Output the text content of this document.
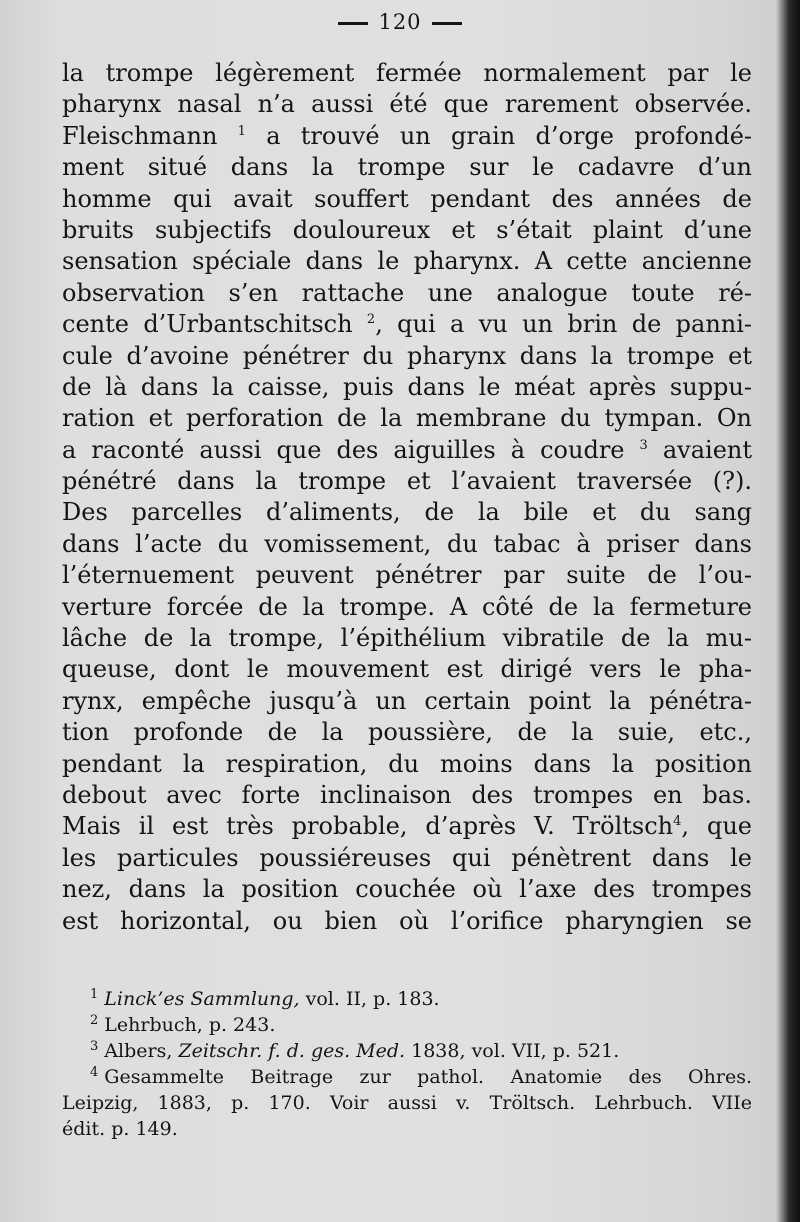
120
la trompe légèrement fermée normalement par le
pharynx nasal n’a aussi été que rarement observée.
Fleischmann $^1$ a trouvé un grain d’orge profondé-
ment situé dans la trompe sur le cadavre d’un
homme qui avait souffert pendant des années de
bruits subjectifs douloureux et s’était plaint d’une
sensation spéciale dans le pharynx. A cette ancienne
observation s’en rattache une analogue toute ré-
cente d’Urbantschitsch $^2$, qui a vu un brin de panni-
cule d’avoine pénétrer du pharynx dans la trompe et
de là dans la caisse, puis dans le méat après suppu-
ration et perforation de la membrane du tympan. On
a raconté aussi que des aiguilles à coudre $^3$ avaient
pénétré dans la trompe et l’avaient traversée (?).
Des parcelles d’aliments, de la bile et du sang
dans l’acte du vomissement, du tabac à priser dans
l’éternuement peuvent pénétrer par suite de l’ou-
verture forcée de la trompe. A côté de la fermeture
lâche de la trompe, l’épithélium vibratile de la mu-
queuse, dont le mouvement est dirigé vers le pha-
rynx, empêche jusqu’à un certain point la pénétra-
tion profonde de la poussière, de la suie, etc.,
pendant la respiration, du moins dans la position
debout avec forte inclinaison des trompes en bas.
Mais il est très probable, d’après V. Tröltsch$^4$, que
les particules poussiéreuses qui pénètrent dans le
nez, dans la position couchée où l’axe des trompes
est horizontal, ou bien où l’orifice pharyngien se
$^1$ Linck’es Sammlung, vol. II, p. 183.
$^2$ Lehrbuch, p. 243.
$^3$ Albers, Zeitschr. f. d. ges. Med. 1838, vol. VII, p. 521.
$^4$ Gesammelte Beitrage zur pathol. Anatomie des Ohres.
Leipzig, 1883, p. 170. Voir aussi v. Tröltsch. Lehrbuch. VIIe
édit. p. 149.
